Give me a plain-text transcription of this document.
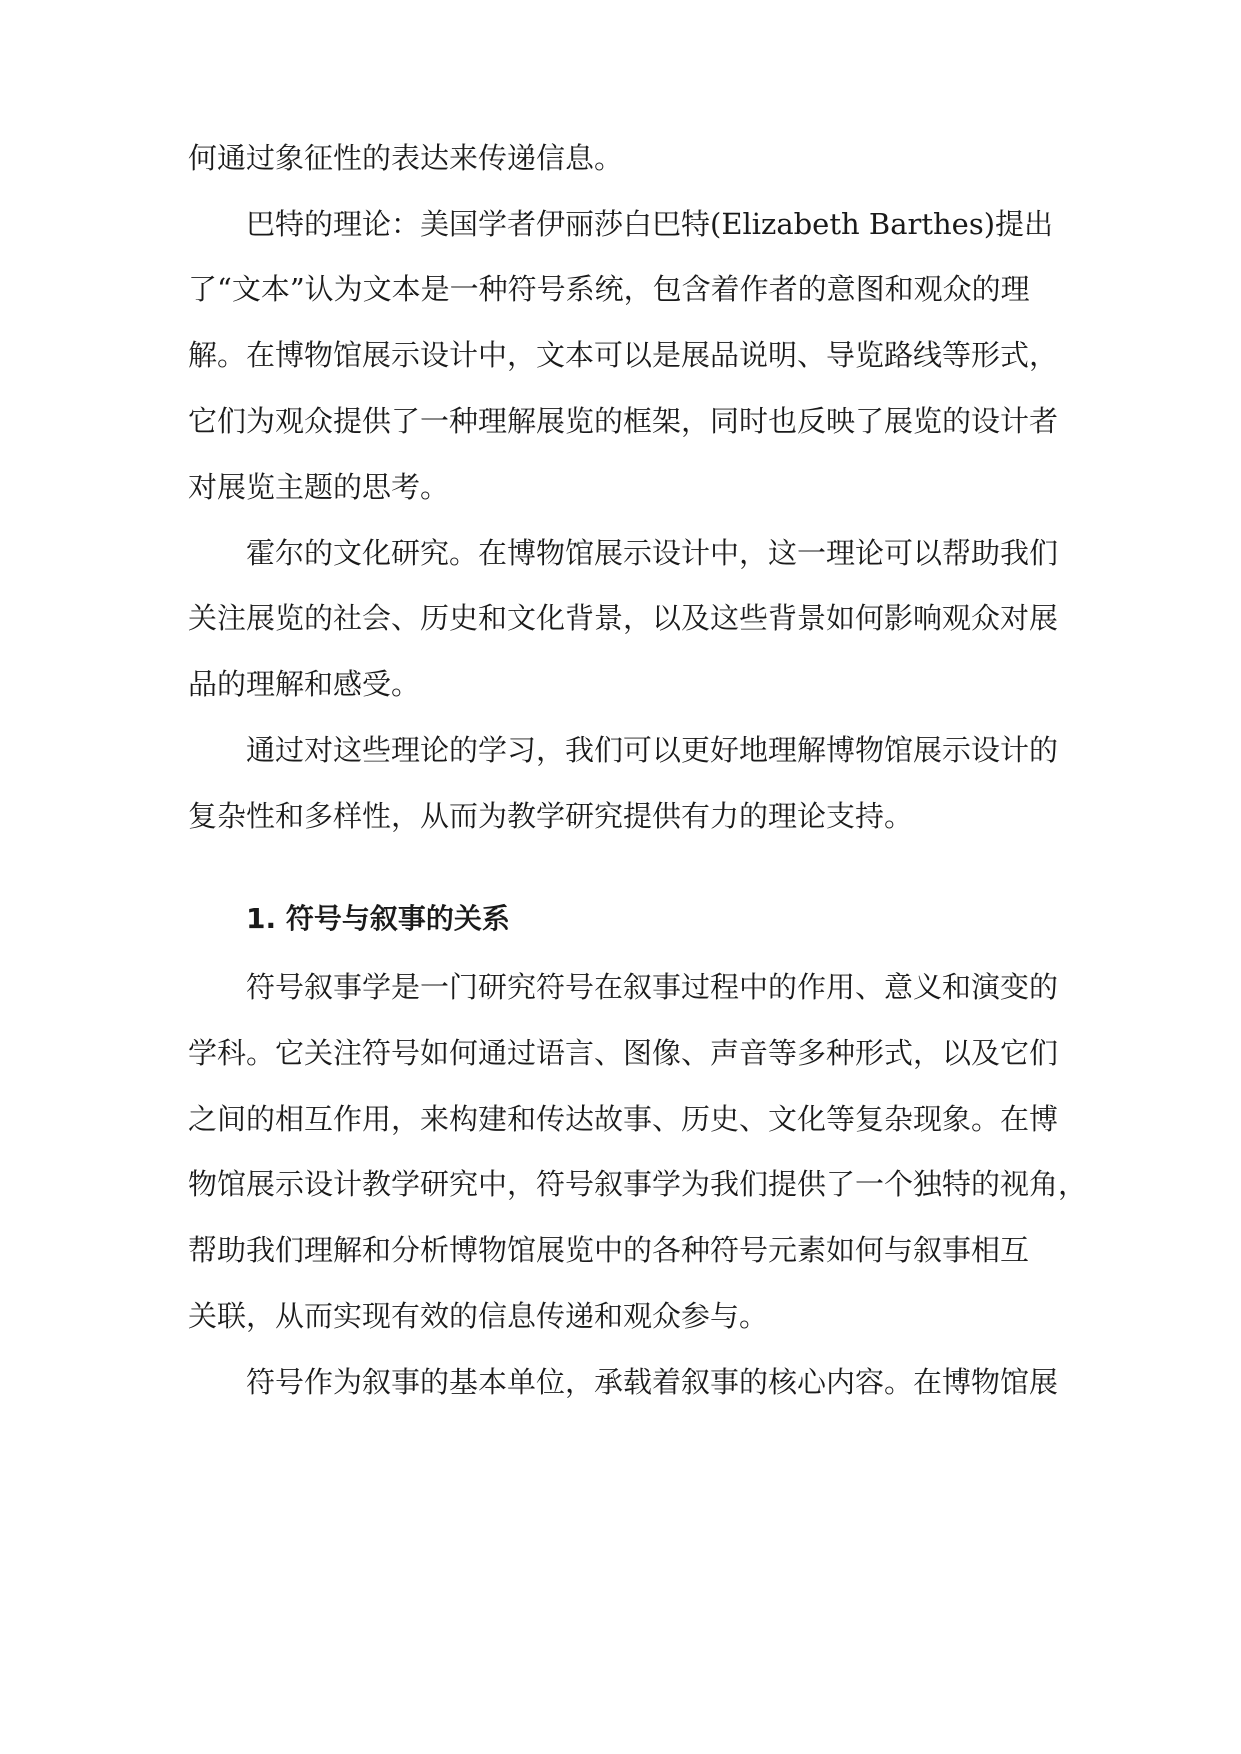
何通过象征性的表达来传递信息。
巴特的理论：美国学者伊丽莎白巴特(Elizabeth Barthes)提出
了“文本”认为文本是一种符号系统，包含着作者的意图和观众的理
解。在博物馆展示设计中，文本可以是展品说明、导览路线等形式，
它们为观众提供了一种理解展览的框架，同时也反映了展览的设计者
对展览主题的思考。
霍尔的文化研究。在博物馆展示设计中，这一理论可以帮助我们
关注展览的社会、历史和文化背景，以及这些背景如何影响观众对展
品的理解和感受。
通过对这些理论的学习，我们可以更好地理解博物馆展示设计的
复杂性和多样性，从而为教学研究提供有力的理论支持。
1. 符号与叙事的关系
符号叙事学是一门研究符号在叙事过程中的作用、意义和演变的
学科。它关注符号如何通过语言、图像、声音等多种形式，以及它们
之间的相互作用，来构建和传达故事、历史、文化等复杂现象。在博
物馆展示设计教学研究中，符号叙事学为我们提供了一个独特的视角，
帮助我们理解和分析博物馆展览中的各种符号元素如何与叙事相互
关联，从而实现有效的信息传递和观众参与。
符号作为叙事的基本单位，承载着叙事的核心内容。在博物馆展
